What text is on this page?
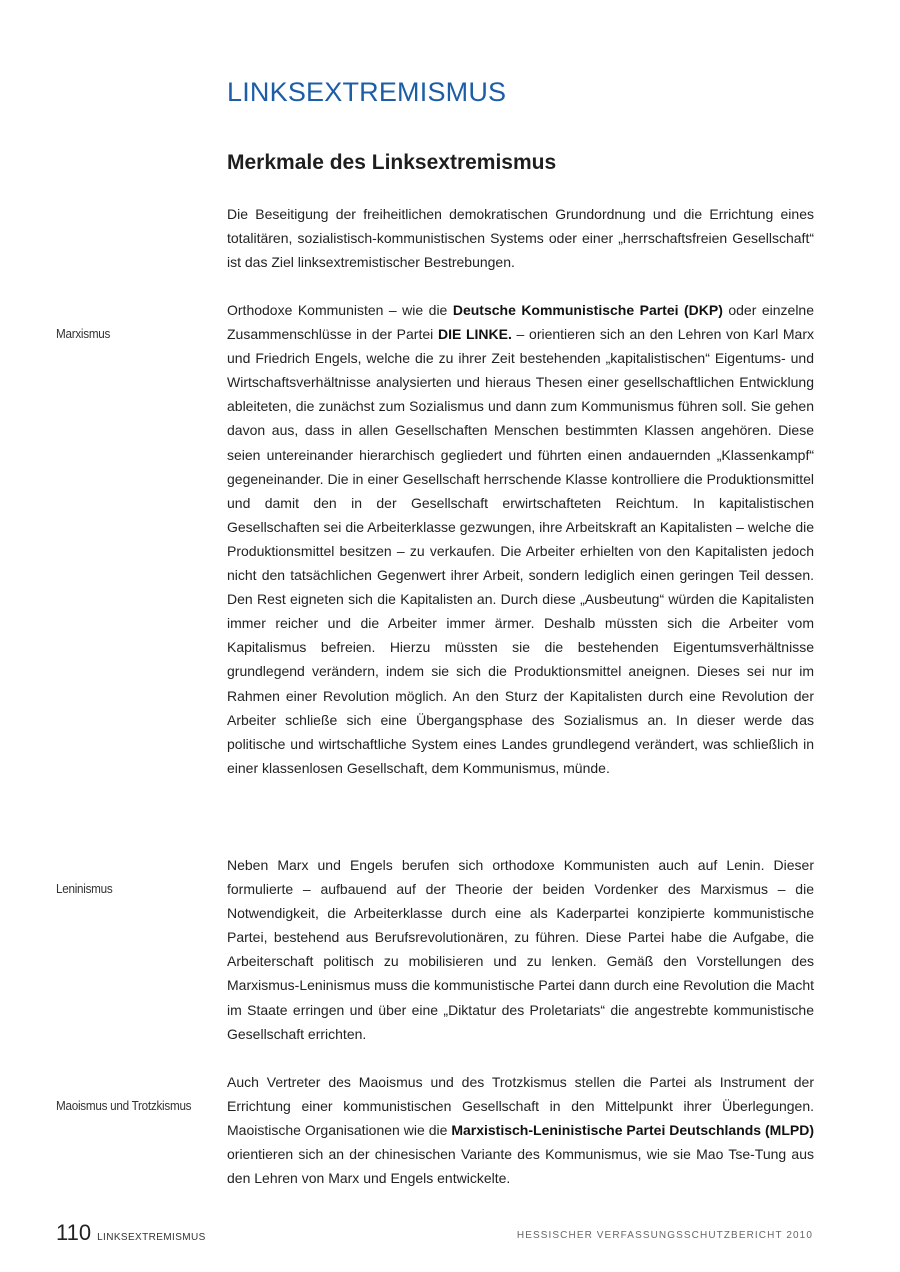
LINKSEXTREMISMUS
Merkmale des Linksextremismus

Die Beseitigung der freiheitlichen demokratischen Grundordnung und die Errichtung eines totalitären, sozialistisch-kommunistischen Systems oder einer „herrschaftsfreien Gesellschaft“ ist das Ziel linksextremistischer Bestrebungen.

Marxismus

Orthodoxe Kommunisten – wie die Deutsche Kommunistische Partei (DKP) oder einzelne Zusammenschlüsse in der Partei DIE LINKE. – orientieren sich an den Lehren von Karl Marx und Friedrich Engels, welche die zu ihrer Zeit bestehenden „kapitalistischen“ Eigentums- und Wirtschaftsverhältnisse analysierten und hieraus Thesen einer gesellschaftlichen Entwicklung ableiteten, die zunächst zum Sozialismus und dann zum Kommunismus führen soll. Sie gehen davon aus, dass in allen Gesellschaften Menschen bestimmten Klassen angehören. Diese seien untereinander hierarchisch gegliedert und führten einen andauernden „Klassenkampf“ gegeneinander. Die in einer Gesellschaft herrschende Klasse kontrolliere die Produktionsmittel und damit den in der Gesellschaft erwirtschafteten Reichtum. In kapitalistischen Gesellschaften sei die Arbeiterklasse gezwungen, ihre Arbeitskraft an Kapitalisten – welche die Produktionsmittel besitzen – zu verkaufen. Die Arbeiter erhielten von den Kapitalisten jedoch nicht den tatsächlichen Gegenwert ihrer Arbeit, sondern lediglich einen geringen Teil dessen. Den Rest eigneten sich die Kapitalisten an. Durch diese „Ausbeutung“ würden die Kapitalisten immer reicher und die Arbeiter immer ärmer. Deshalb müssten sich die Arbeiter vom Kapitalismus befreien. Hierzu müssten sie die bestehenden Eigentumsverhältnisse grundlegend verändern, indem sie sich die Produktionsmittel aneignen. Dieses sei nur im Rahmen einer Revolution möglich. An den Sturz der Kapitalisten durch eine Revolution der Arbeiter schließe sich eine Übergangsphase des Sozialismus an. In dieser werde das politische und wirtschaftliche System eines Landes grundlegend verändert, was schließlich in einer klassenlosen Gesellschaft, dem Kommunismus, münde.

Leninismus

Neben Marx und Engels berufen sich orthodoxe Kommunisten auch auf Lenin. Dieser formulierte – aufbauend auf der Theorie der beiden Vordenker des Marxismus – die Notwendigkeit, die Arbeiterklasse durch eine als Kaderpartei konzipierte kommunistische Partei, bestehend aus Berufsrevolutionären, zu führen. Diese Partei habe die Aufgabe, die Arbeiterschaft politisch zu mobilisieren und zu lenken. Gemäß den Vorstellungen des Marxismus-Leninismus muss die kommunistische Partei dann durch eine Revolution die Macht im Staate erringen und über eine „Diktatur des Proletariats“ die angestrebte kommunistische Gesellschaft errichten.

Maoismus und Trotzkismus

Auch Vertreter des Maoismus und des Trotzkismus stellen die Partei als Instrument der Errichtung einer kommunistischen Gesellschaft in den Mittelpunkt ihrer Überlegungen. Maoistische Organisationen wie die Marxistisch-Leninistische Partei Deutschlands (MLPD) orientieren sich an der chinesischen Variante des Kommunismus, wie sie Mao Tse-Tung aus den Lehren von Marx und Engels entwickelte.

110 LINKSEXTREMISMUS	HESSISCHER VERFASSUNGSSCHUTZBERICHT 2010
